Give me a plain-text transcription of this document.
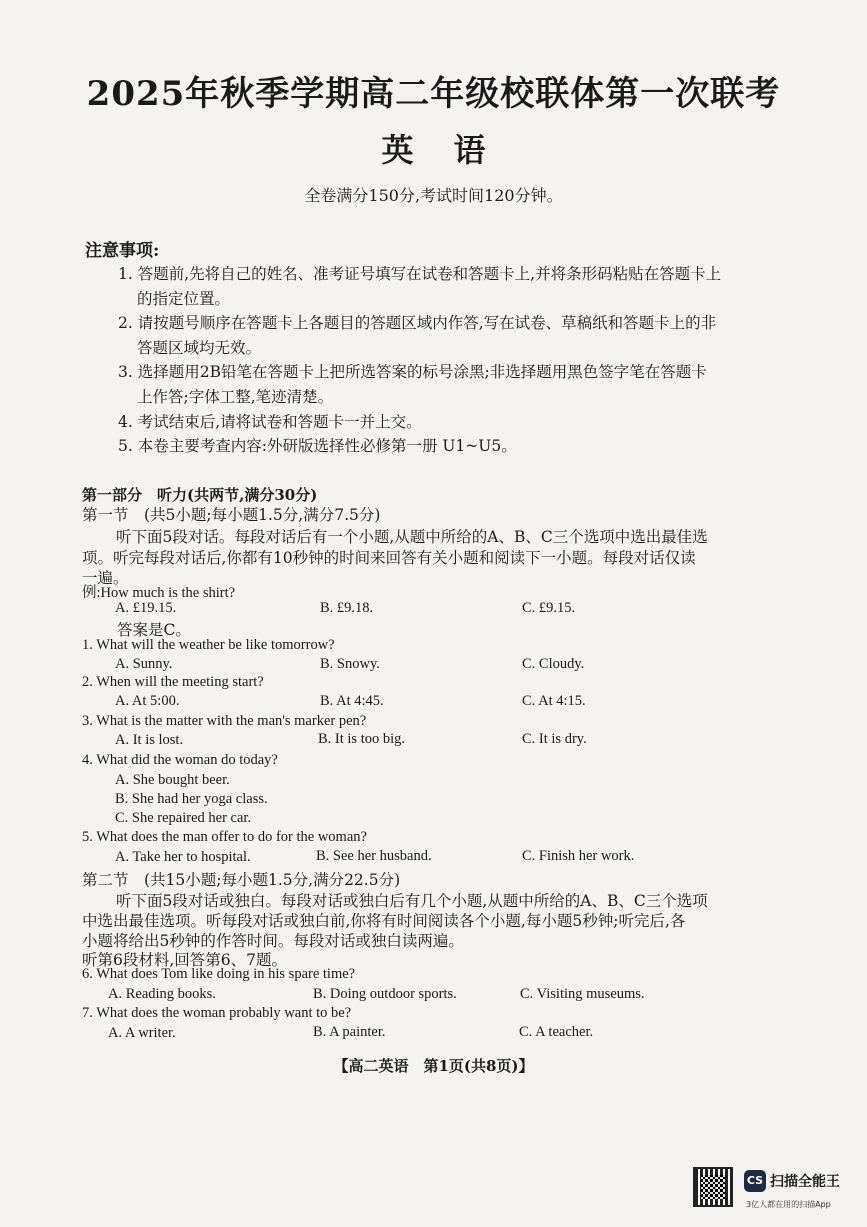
2025年秋季学期高二年级校联体第一次联考
英语
全卷满分150分,考试时间120分钟。
注意事项:
1. 答题前,先将自己的姓名、准考证号填写在试卷和答题卡上,并将条形码粘贴在答题卡上
的指定位置。
2. 请按题号顺序在答题卡上各题目的答题区域内作答,写在试卷、草稿纸和答题卡上的非
答题区域均无效。
3. 选择题用2B铅笔在答题卡上把所选答案的标号涂黑;非选择题用黑色签字笔在答题卡
上作答;字体工整,笔迹清楚。
4. 考试结束后,请将试卷和答题卡一并上交。
5. 本卷主要考查内容:外研版选择性必修第一册 U1~U5。
第一部分　听力(共两节,满分30分)
第一节　(共5小题;每小题1.5分,满分7.5分)
听下面5段对话。每段对话后有一个小题,从题中所给的A、B、C三个选项中选出最佳选
项。听完每段对话后,你都有10秒钟的时间来回答有关小题和阅读下一小题。每段对话仅读
一遍。
例:How much is the shirt?
A. £19.15.	B. £9.18.	C. £9.15.
答案是C。
1. What will the weather be like tomorrow?
A. Sunny.	B. Snowy.	C. Cloudy.
2. When will the meeting start?
A. At 5:00.	B. At 4:45.	C. At 4:15.
3. What is the matter with the man's marker pen?
A. It is lost.	B. It is too big.	C. It is dry.
4. What did the woman do today?
A. She bought beer.
B. She had her yoga class.
C. She repaired her car.
5. What does the man offer to do for the woman?
A. Take her to hospital.	B. See her husband.	C. Finish her work.
第二节　(共15小题;每小题1.5分,满分22.5分)
听下面5段对话或独白。每段对话或独白后有几个小题,从题中所给的A、B、C三个选项
中选出最佳选项。听每段对话或独白前,你将有时间阅读各个小题,每小题5秒钟;听完后,各
小题将给出5秒钟的作答时间。每段对话或独白读两遍。
听第6段材料,回答第6、7题。
6. What does Tom like doing in his spare time?
A. Reading books.	B. Doing outdoor sports.	C. Visiting museums.
7. What does the woman probably want to be?
A. A writer.	B. A painter.	C. A teacher.
【高二英语　第1页(共8页)】
CS 扫描全能王
3亿人都在用的扫描App
